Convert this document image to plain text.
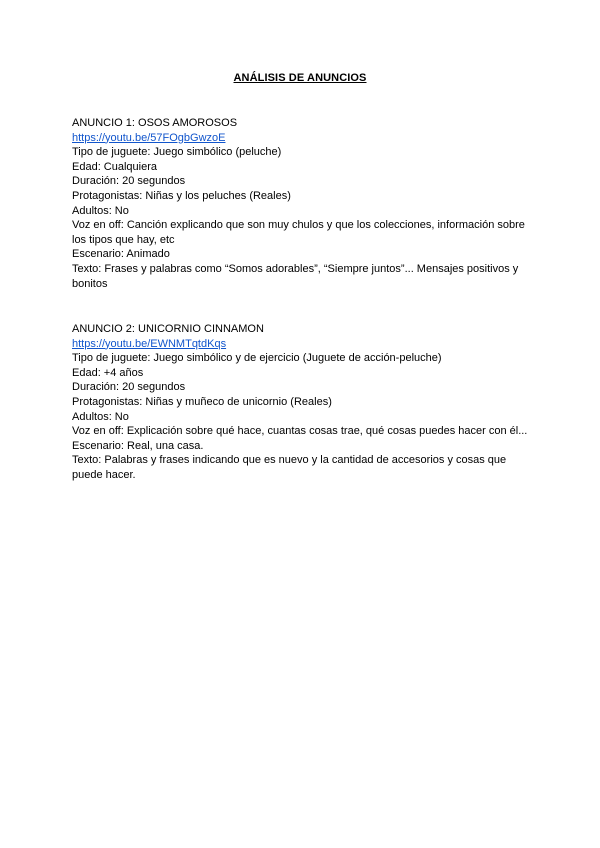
ANÁLISIS DE ANUNCIOS
ANUNCIO 1: OSOS AMOROSOS
https://youtu.be/57FOgbGwzoE
Tipo de juguete: Juego simbólico (peluche)
Edad: Cualquiera
Duración: 20 segundos
Protagonistas: Niñas y los peluches (Reales)
Adultos: No
Voz en off: Canción explicando que son muy chulos y que los colecciones, información sobre los tipos que hay, etc
Escenario: Animado
Texto: Frases y palabras como “Somos adorables”, “Siempre juntos”... Mensajes positivos y bonitos
ANUNCIO 2: UNICORNIO CINNAMON
https://youtu.be/EWNMTqtdKqs
Tipo de juguete: Juego simbólico y de ejercicio (Juguete de acción-peluche)
Edad: +4 años
Duración: 20 segundos
Protagonistas: Niñas y muñeco de unicornio (Reales)
Adultos: No
Voz en off: Explicación sobre qué hace, cuantas cosas trae, qué cosas puedes hacer con él...
Escenario: Real, una casa.
Texto: Palabras y frases indicando que es nuevo y la cantidad de accesorios y cosas que puede hacer.
